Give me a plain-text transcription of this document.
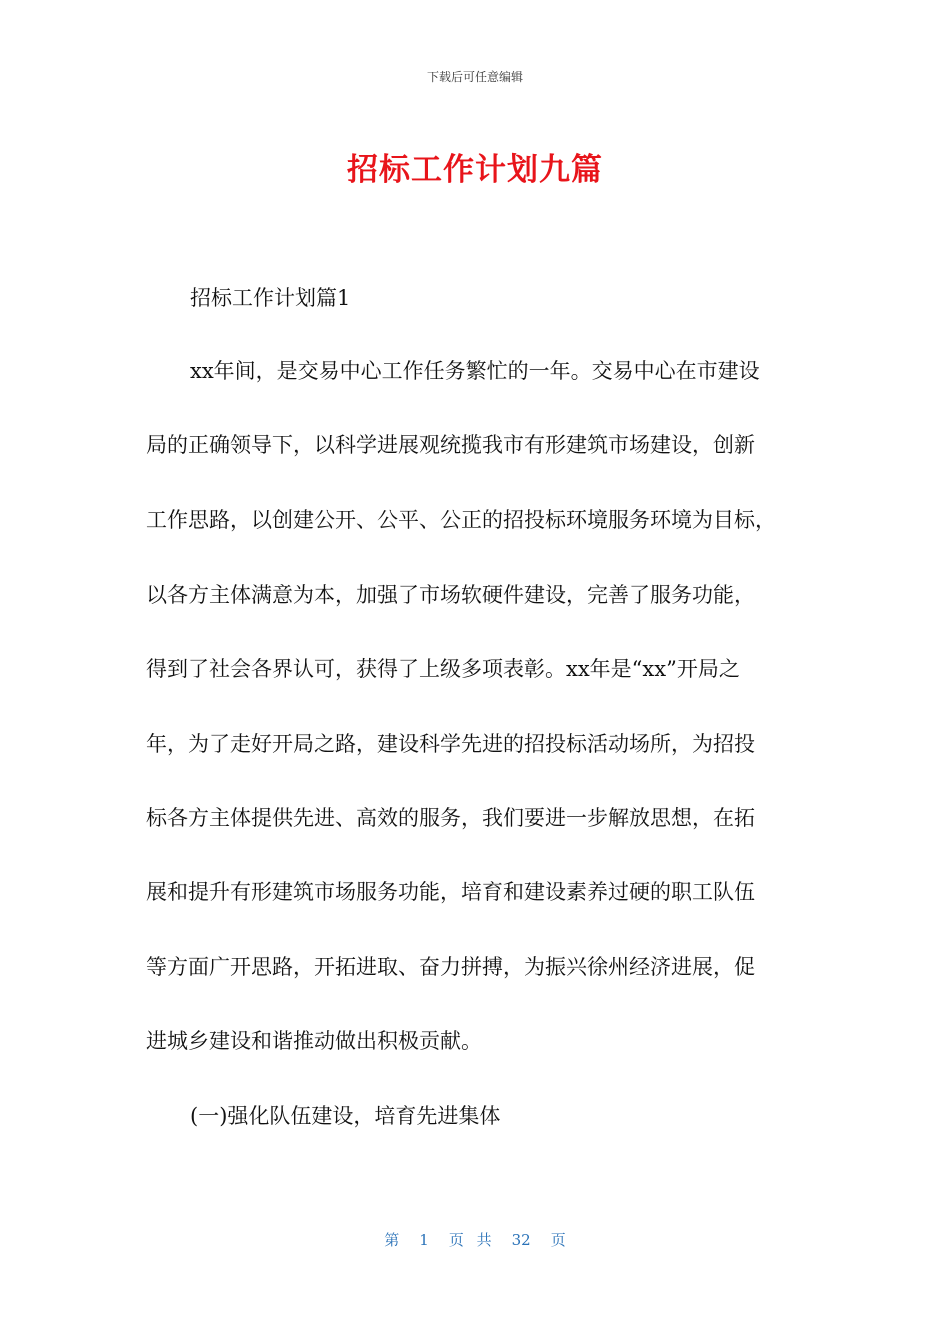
下载后可任意编辑
招标工作计划九篇
招标工作计划篇1
xx年间，是交易中心工作任务繁忙的一年。交易中心在市建设
局的正确领导下，以科学进展观统揽我市有形建筑市场建设，创新
工作思路，以创建公开、公平、公正的招投标环境服务环境为目标，
以各方主体满意为本，加强了市场软硬件建设，完善了服务功能，
得到了社会各界认可，获得了上级多项表彰。xx年是“xx”开局之
年，为了走好开局之路，建设科学先进的招投标活动场所，为招投
标各方主体提供先进、高效的服务，我们要进一步解放思想，在拓
展和提升有形建筑市场服务功能，培育和建设素养过硬的职工队伍
等方面广开思路，开拓进取、奋力拼搏，为振兴徐州经济进展，促
进城乡建设和谐推动做出积极贡献。
(一)强化队伍建设，培育先进集体
第 1 页 共 32 页
